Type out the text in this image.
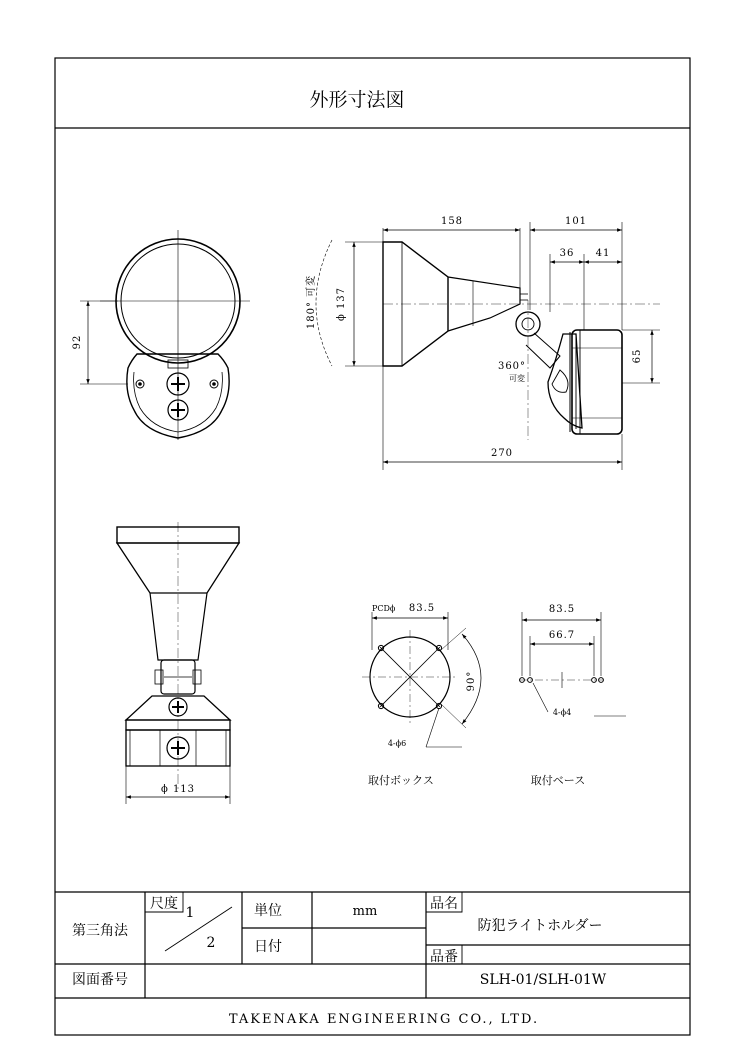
外形寸法図
92
158	101
36 41
ϕ 137
180° 可変
360°
可変
65
270
ϕ 113
PCDϕ 83.5
90°
4-ϕ6
取付ボックス
83.5
66.7
4-ϕ4
取付ベース
第三角法
尺度
1
2
単位	mm
日付
品名
防犯ライトホルダー
品番
SLH-01/SLH-01W
図面番号
TAKENAKA ENGINEERING CO., LTD.
